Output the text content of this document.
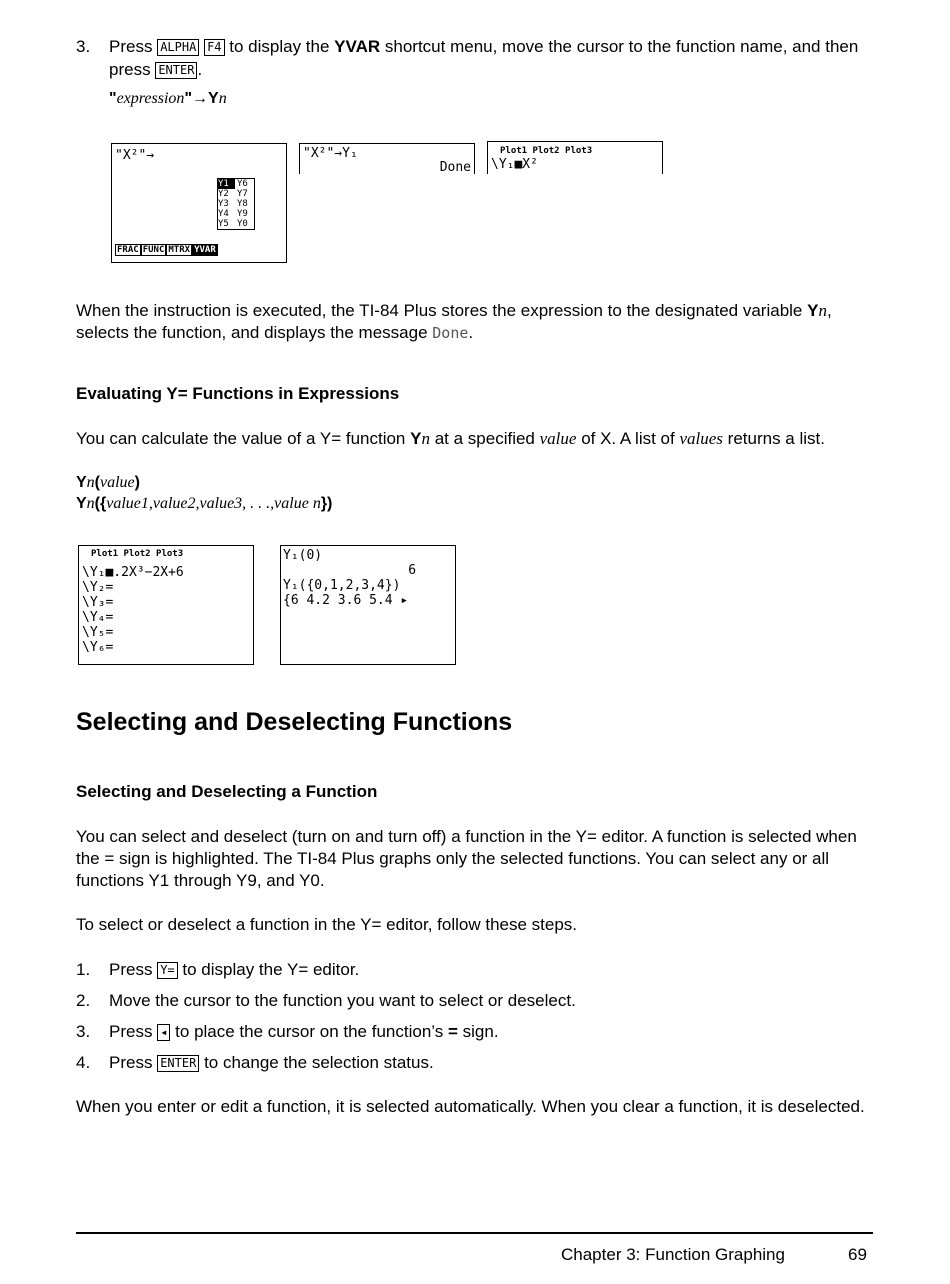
3. Press ALPHA F4 to display the YVAR shortcut menu, move the cursor to the function name, and then press ENTER .
"expression"→Yn
"X²"→
Y1 Y6
Y2 Y7
Y3 Y8
Y4 Y9
Y5 Y0
FRAC FUNC MTRX YVAR
"X²"→Y₁
Done
Plot1 Plot2 Plot3
\Y₁■X²
When the instruction is executed, the TI-84 Plus stores the expression to the designated variable Yn, selects the function, and displays the message Done.
Evaluating Y= Functions in Expressions
You can calculate the value of a Y= function Yn at a specified value of X. A list of values returns a list.
Yn(value)
Yn({value1,value2,value3, . . .,value n})
Plot1 Plot2 Plot3
\Y₁■.2X³−2X+6
\Y₂=
\Y₃=
\Y₄=
\Y₅=
\Y₆=
Y₁(0)
6
Y₁({0,1,2,3,4})
{6 4.2 3.6 5.4 ▸
Selecting and Deselecting Functions
Selecting and Deselecting a Function
You can select and deselect (turn on and turn off) a function in the Y= editor. A function is selected when the = sign is highlighted. The TI-84 Plus graphs only the selected functions. You can select any or all functions Y1 through Y9, and Y0.
To select or deselect a function in the Y= editor, follow these steps.
1. Press Y= to display the Y= editor.
2. Move the cursor to the function you want to select or deselect.
3. Press ◂ to place the cursor on the function’s = sign.
4. Press ENTER to change the selection status.
When you enter or edit a function, it is selected automatically. When you clear a function, it is deselected.
Chapter 3: Function Graphing	69
